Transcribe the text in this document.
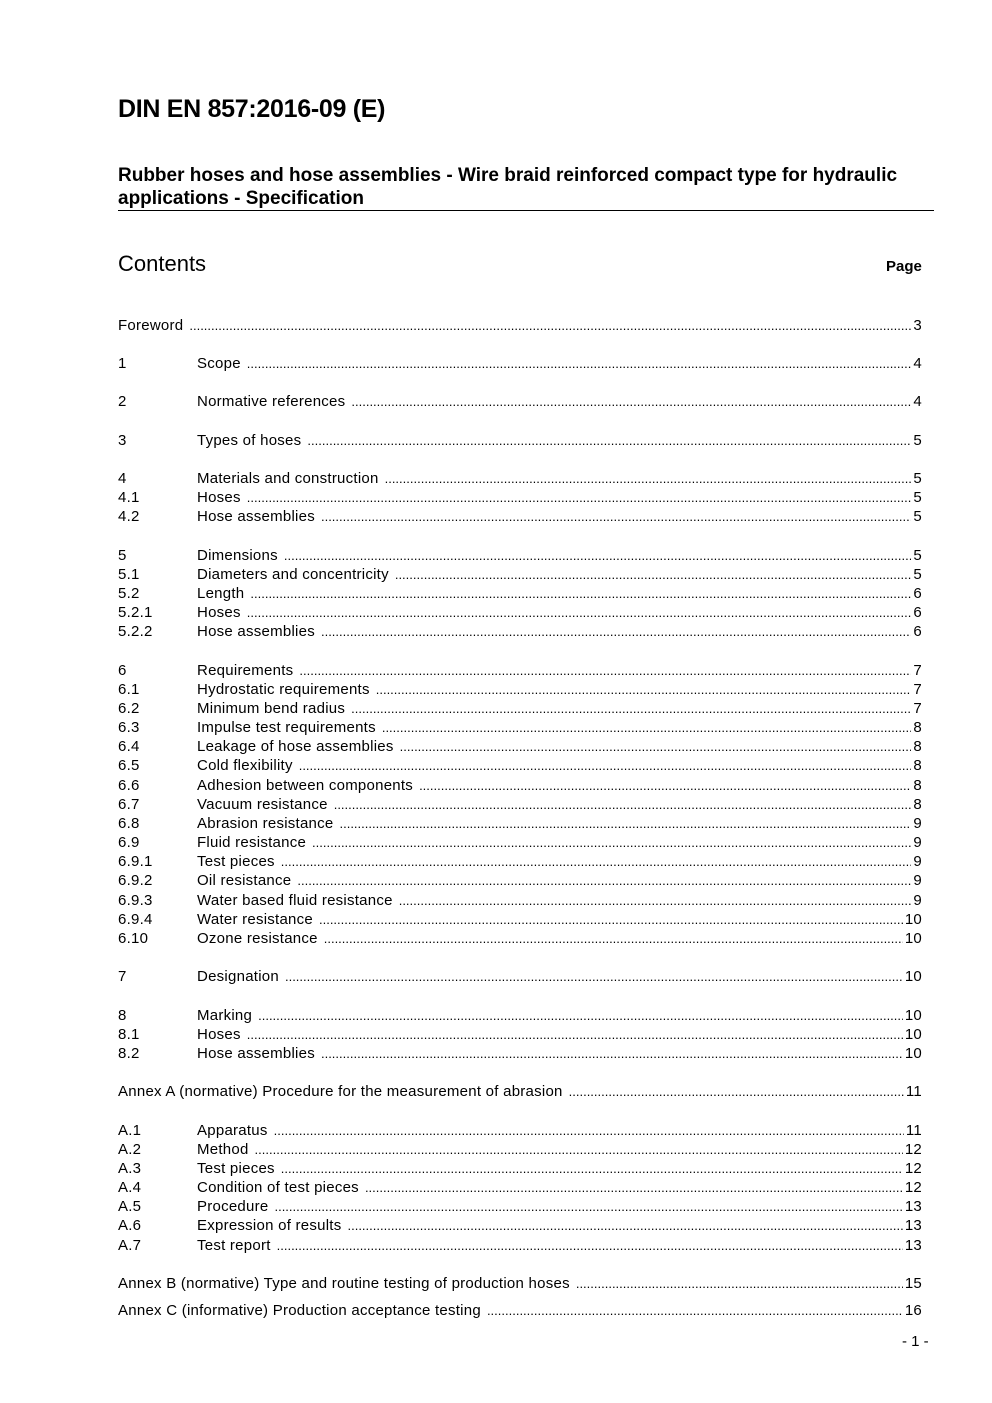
DIN EN 857:2016-09 (E)
Rubber hoses and hose assemblies - Wire braid reinforced compact type for hydraulic applications - Specification
Contents	Page
Foreword .....	3
1	Scope .....	4
2	Normative references .....	4
3	Types of hoses .....	5
4	Materials and construction .....	5
4.1	Hoses .....	5
4.2	Hose assemblies .....	5
5	Dimensions .....	5
5.1	Diameters and concentricity .....	5
5.2	Length .....	6
5.2.1	Hoses .....	6
5.2.2	Hose assemblies .....	6
6	Requirements .....	7
6.1	Hydrostatic requirements .....	7
6.2	Minimum bend radius .....	7
6.3	Impulse test requirements .....	8
6.4	Leakage of hose assemblies .....	8
6.5	Cold flexibility .....	8
6.6	Adhesion between components .....	8
6.7	Vacuum resistance .....	8
6.8	Abrasion resistance .....	9
6.9	Fluid resistance .....	9
6.9.1	Test pieces .....	9
6.9.2	Oil resistance .....	9
6.9.3	Water based fluid resistance .....	9
6.9.4	Water resistance .....	10
6.10	Ozone resistance .....	10
7	Designation .....	10
8	Marking .....	10
8.1	Hoses .....	10
8.2	Hose assemblies .....	10
Annex A (normative) Procedure for the measurement of abrasion .....	11
A.1	Apparatus .....	11
A.2	Method .....	12
A.3	Test pieces .....	12
A.4	Condition of test pieces .....	12
A.5	Procedure .....	13
A.6	Expression of results .....	13
A.7	Test report .....	13
Annex B (normative) Type and routine testing of production hoses .....	15
Annex C (informative) Production acceptance testing .....	16
- 1 -
